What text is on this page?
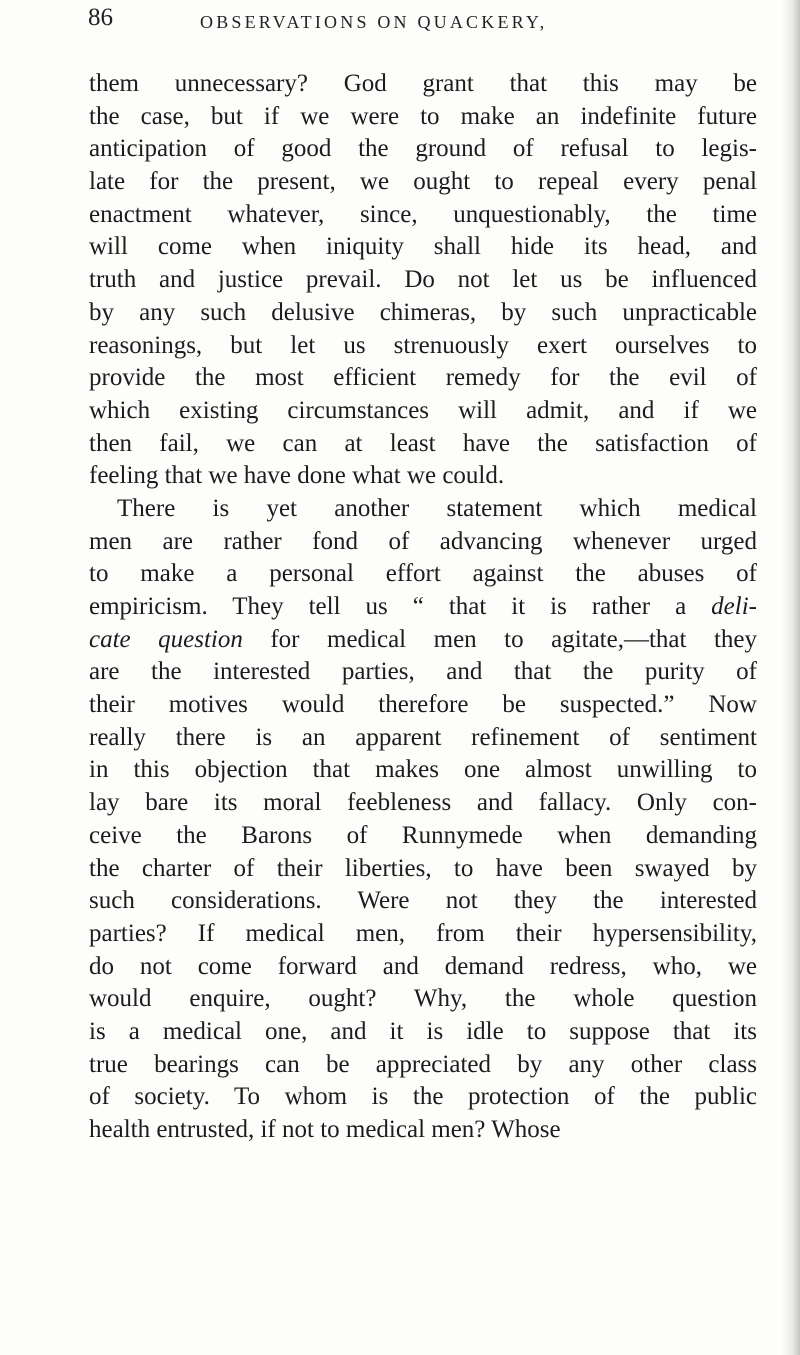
86	OBSERVATIONS ON QUACKERY,
them unnecessary? God grant that this may be
the case, but if we were to make an indefinite future
anticipation of good the ground of refusal to legis-
late for the present, we ought to repeal every penal
enactment whatever, since, unquestionably, the time
will come when iniquity shall hide its head, and
truth and justice prevail. Do not let us be influenced
by any such delusive chimeras, by such unpracticable
reasonings, but let us strenuously exert ourselves to
provide the most efficient remedy for the evil of
which existing circumstances will admit, and if we
then fail, we can at least have the satisfaction of
feeling that we have done what we could.
There is yet another statement which medical
men are rather fond of advancing whenever urged
to make a personal effort against the abuses of
empiricism. They tell us “ that it is rather a deli-
cate question for medical men to agitate,—that they
are the interested parties, and that the purity of
their motives would therefore be suspected.” Now
really there is an apparent refinement of sentiment
in this objection that makes one almost unwilling to
lay bare its moral feebleness and fallacy. Only con-
ceive the Barons of Runnymede when demanding
the charter of their liberties, to have been swayed by
such considerations. Were not they the interested
parties? If medical men, from their hypersensibility,
do not come forward and demand redress, who, we
would enquire, ought? Why, the whole question
is a medical one, and it is idle to suppose that its
true bearings can be appreciated by any other class
of society. To whom is the protection of the public
health entrusted, if not to medical men? Whose
